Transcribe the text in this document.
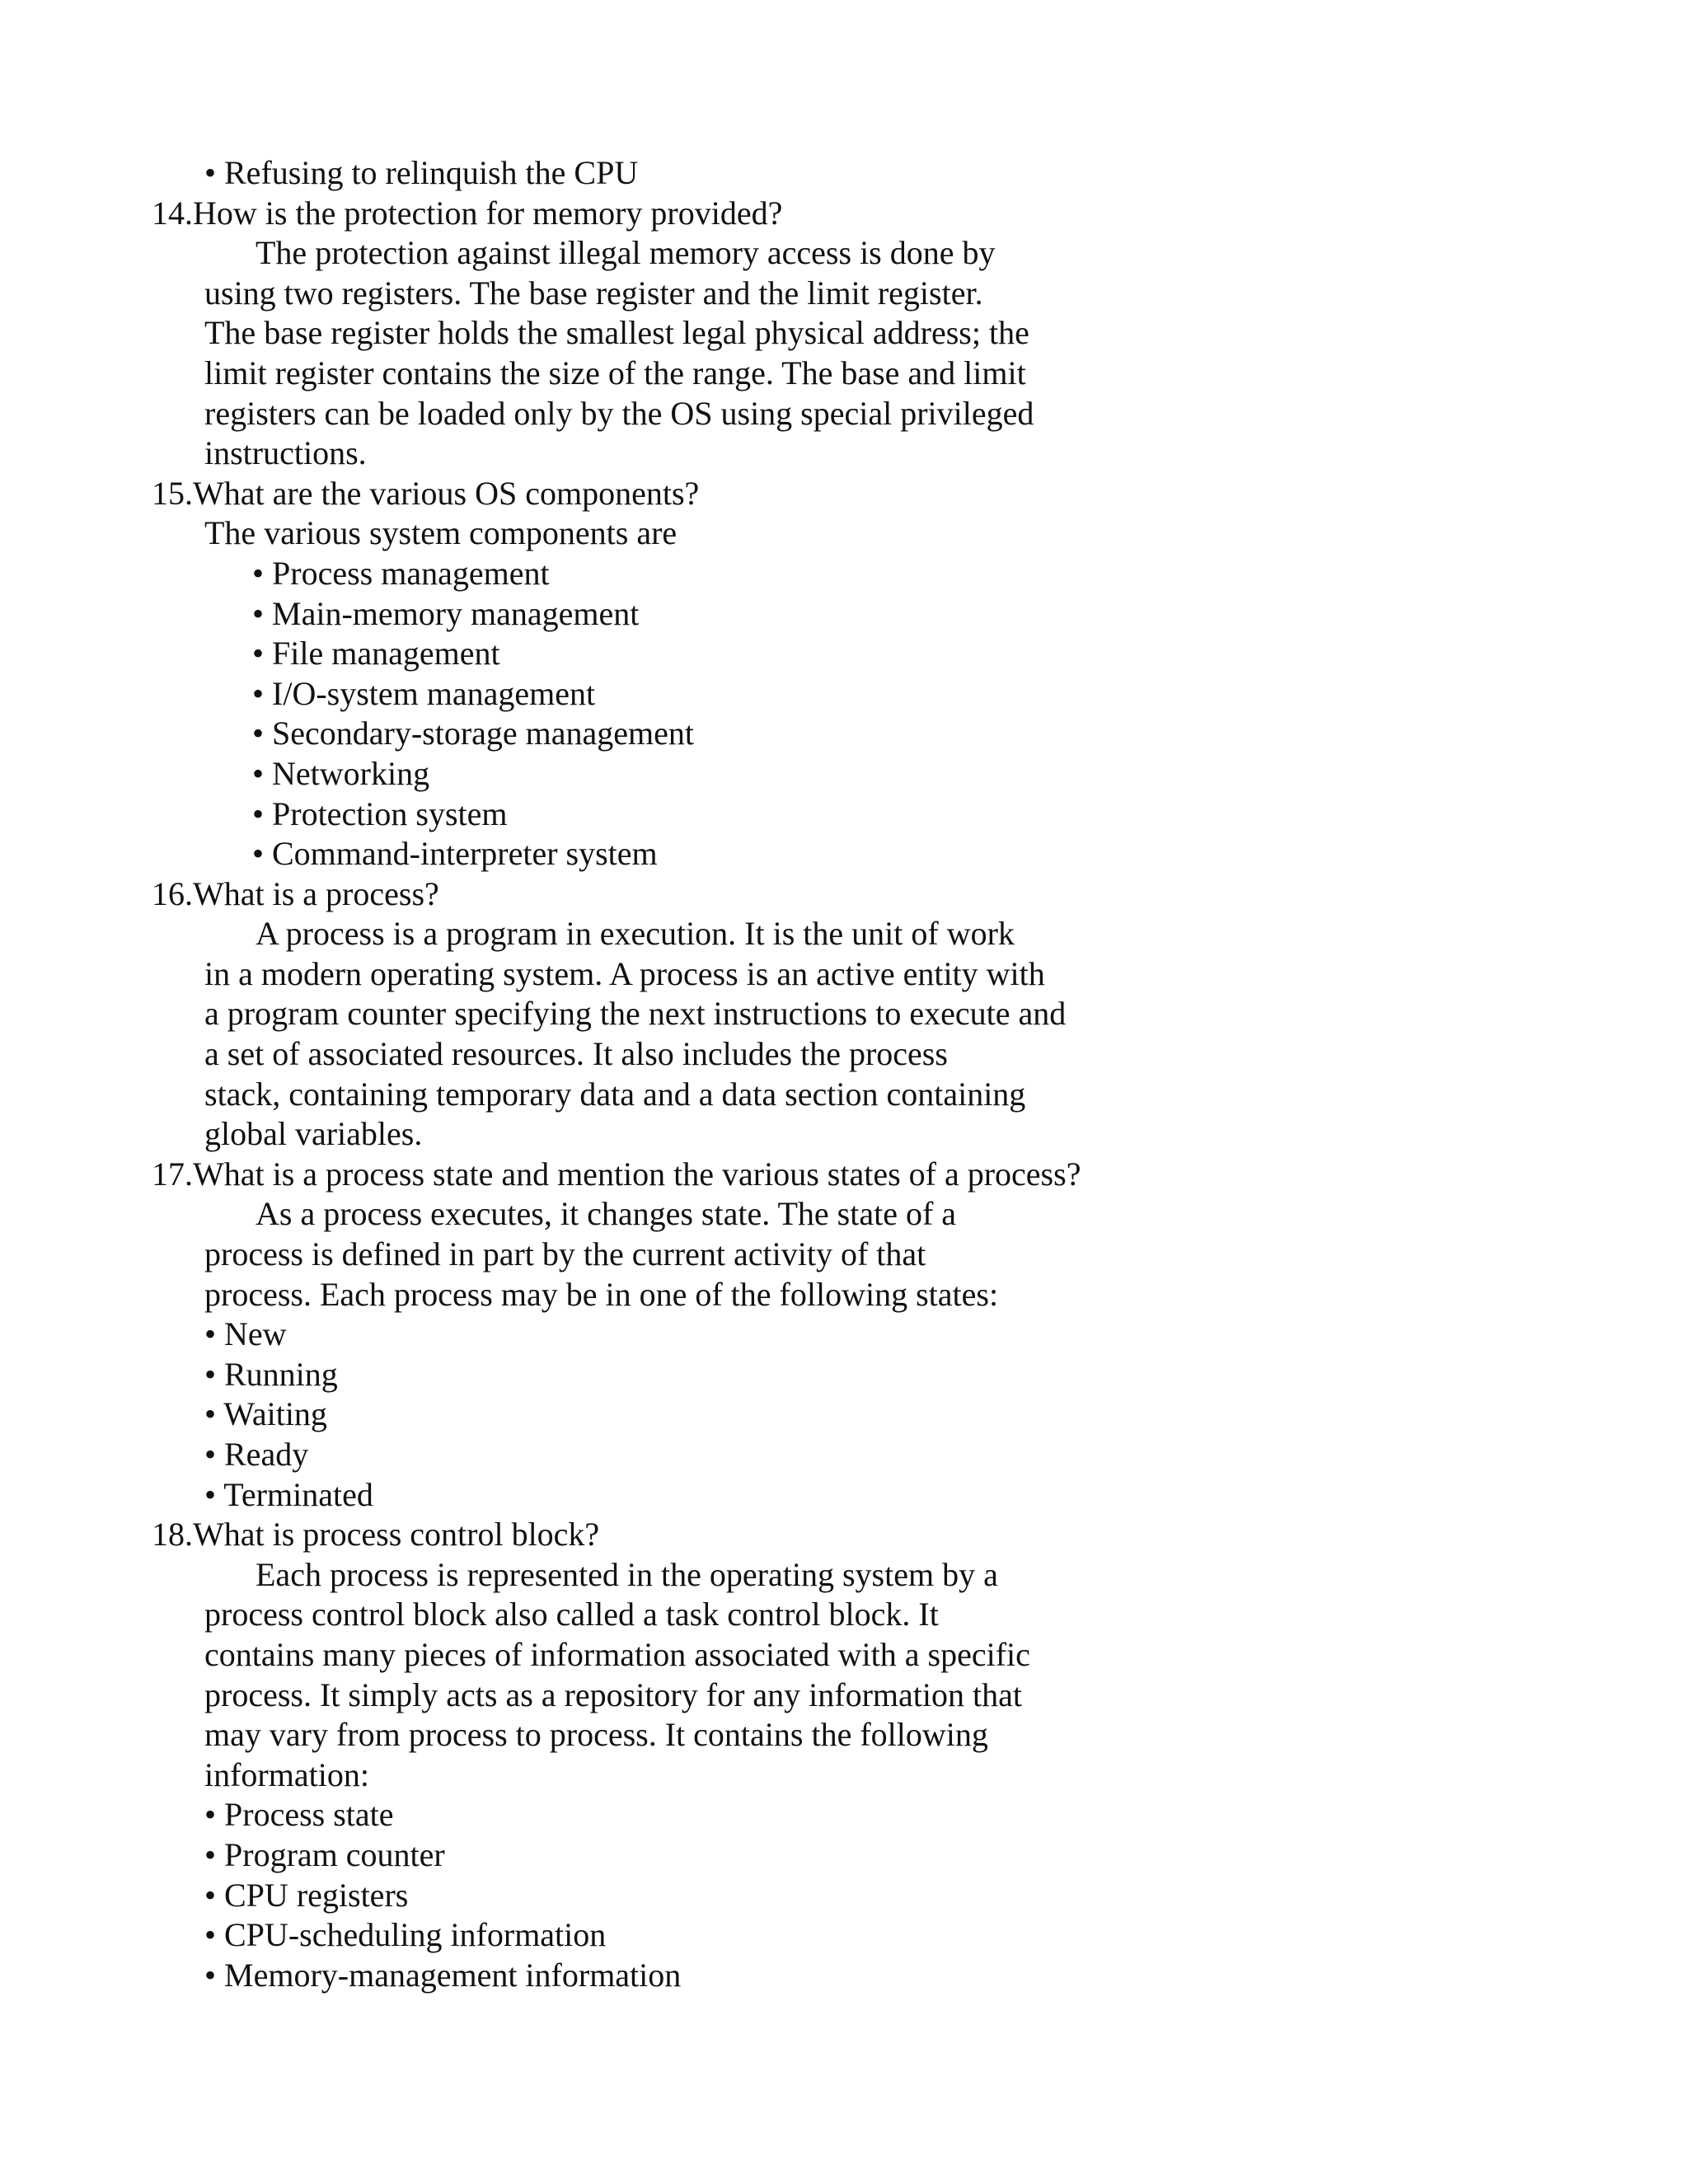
• Refusing to relinquish the CPU
14.How is the protection for memory provided?
The protection against illegal memory access is done by
using two registers. The base register and the limit register.
The base register holds the smallest legal physical address; the
limit register contains the size of the range. The base and limit
registers can be loaded only by the OS using special privileged
instructions.
15.What are the various OS components?
The various system components are
• Process management
• Main-memory management
• File management
• I/O-system management
• Secondary-storage management
• Networking
• Protection system
• Command-interpreter system
16.What is a process?
A process is a program in execution. It is the unit of work
in a modern operating system. A process is an active entity with
a program counter specifying the next instructions to execute and
a set of associated resources. It also includes the process
stack, containing temporary data and a data section containing
global variables.
17.What is a process state and mention the various states of a process?
As a process executes, it changes state. The state of a
process is defined in part by the current activity of that
process. Each process may be in one of the following states:
• New
• Running
• Waiting
• Ready
• Terminated
18.What is process control block?
Each process is represented in the operating system by a
process control block also called a task control block. It
contains many pieces of information associated with a specific
process. It simply acts as a repository for any information that
may vary from process to process. It contains the following
information:
• Process state
• Program counter
• CPU registers
• CPU-scheduling information
• Memory-management information
